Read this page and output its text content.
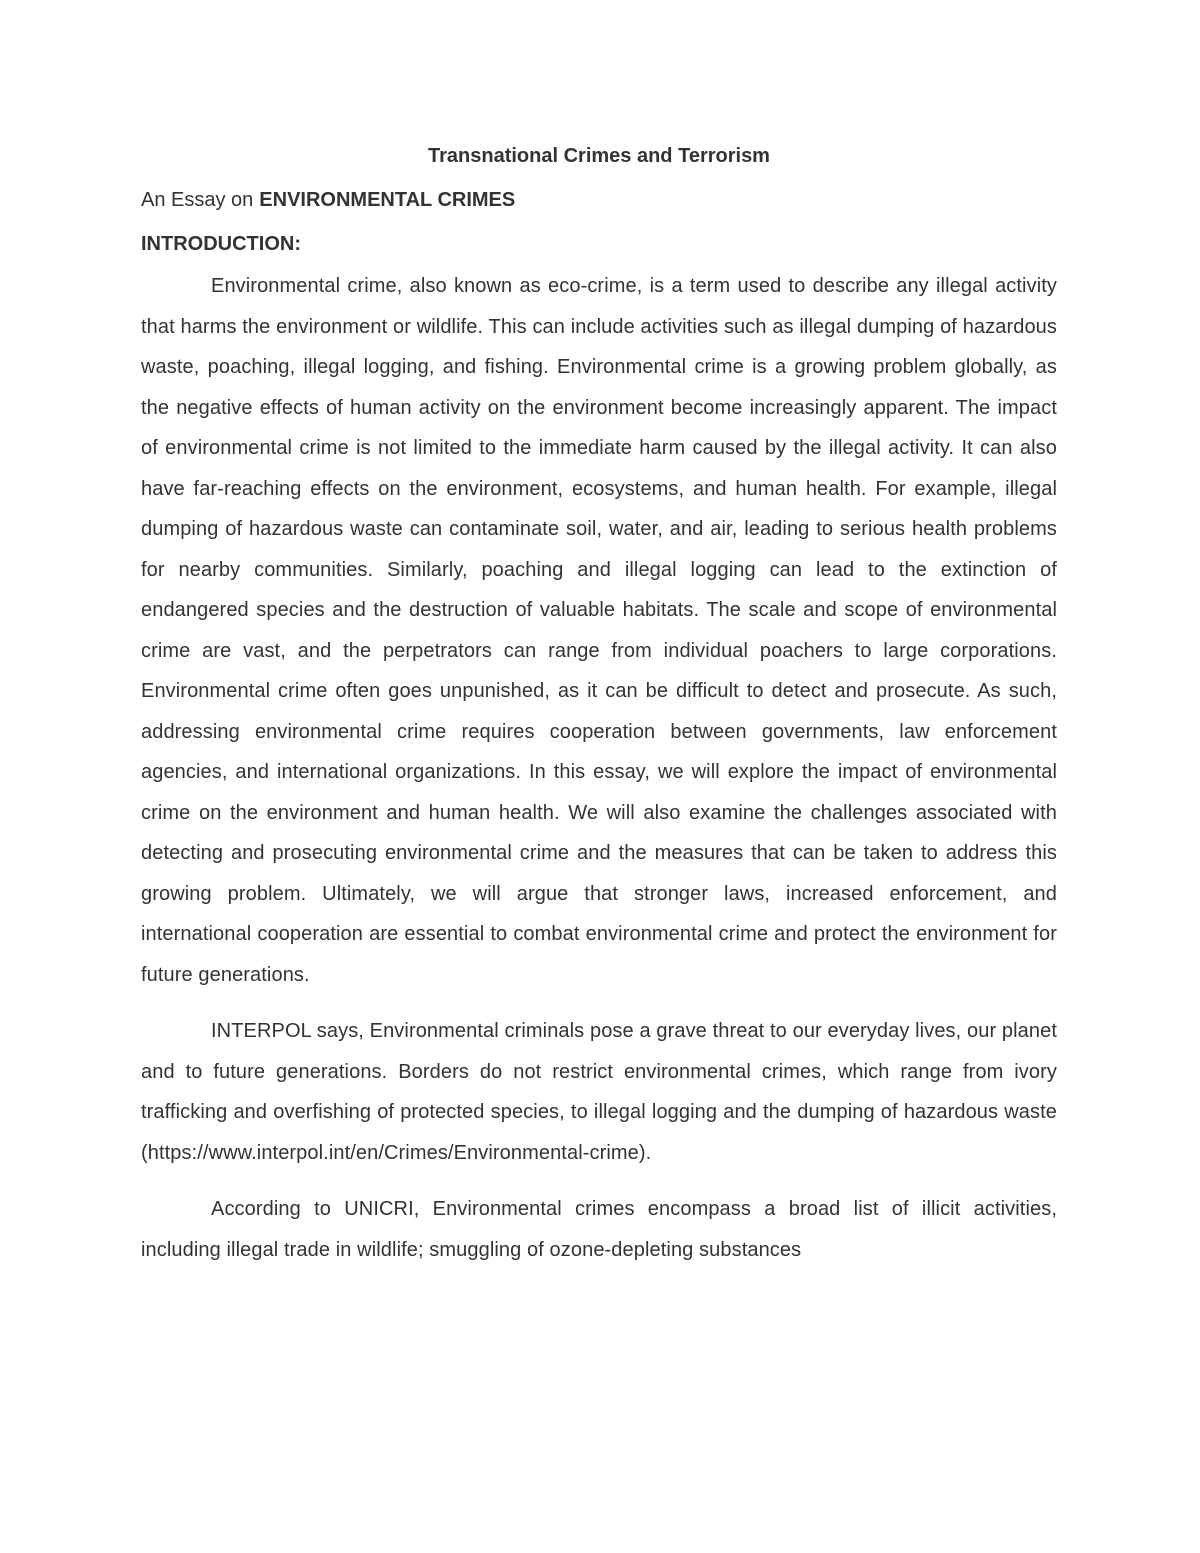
Transnational Crimes and Terrorism

An Essay on ENVIRONMENTAL CRIMES

INTRODUCTION:

Environmental crime, also known as eco-crime, is a term used to describe any illegal activity that harms the environment or wildlife. This can include activities such as illegal dumping of hazardous waste, poaching, illegal logging, and fishing. Environmental crime is a growing problem globally, as the negative effects of human activity on the environment become increasingly apparent. The impact of environmental crime is not limited to the immediate harm caused by the illegal activity. It can also have far-reaching effects on the environment, ecosystems, and human health. For example, illegal dumping of hazardous waste can contaminate soil, water, and air, leading to serious health problems for nearby communities. Similarly, poaching and illegal logging can lead to the extinction of endangered species and the destruction of valuable habitats. The scale and scope of environmental crime are vast, and the perpetrators can range from individual poachers to large corporations. Environmental crime often goes unpunished, as it can be difficult to detect and prosecute. As such, addressing environmental crime requires cooperation between governments, law enforcement agencies, and international organizations. In this essay, we will explore the impact of environmental crime on the environment and human health. We will also examine the challenges associated with detecting and prosecuting environmental crime and the measures that can be taken to address this growing problem. Ultimately, we will argue that stronger laws, increased enforcement, and international cooperation are essential to combat environmental crime and protect the environment for future generations.

INTERPOL says, Environmental criminals pose a grave threat to our everyday lives, our planet and to future generations. Borders do not restrict environmental crimes, which range from ivory trafficking and overfishing of protected species, to illegal logging and the dumping of hazardous waste (https://www.interpol.int/en/Crimes/Environmental-crime).

According to UNICRI, Environmental crimes encompass a broad list of illicit activities, including illegal trade in wildlife; smuggling of ozone-depleting substances
